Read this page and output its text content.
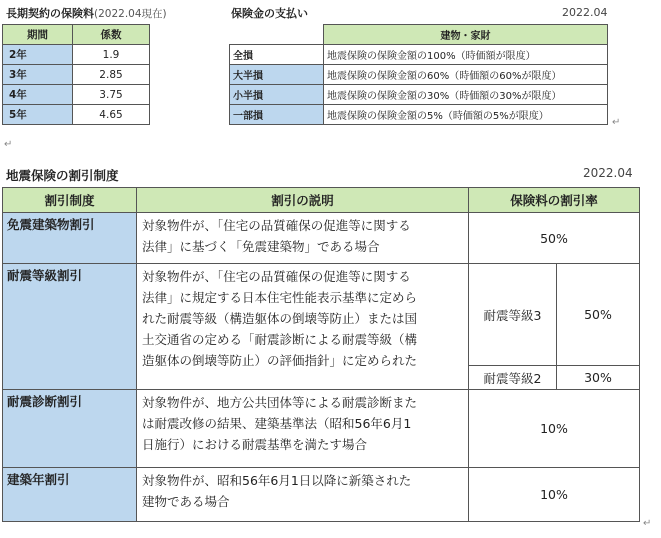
長期契約の保険料(2022.04現在)
期間	係数
2年	1.9
3年	2.85
4年	3.75
5年	4.65
保険金の支払い	2022.04
	建物・家財
全損	地震保険の保険金額の100%（時価額が限度）
大半損	地震保険の保険金額の60%（時価額の60%が限度）
小半損	地震保険の保険金額の30%（時価額の30%が限度）
一部損	地震保険の保険金額の5%（時価額の5%が限度）
↵
↵
地震保険の割引制度	2022.04
割引制度	割引の説明	保険料の割引率	
免震建築物割引	対象物件が、「住宅の品質確保の促進等に関する
法律」に基づく「免震建築物」である場合	50%	
耐震等級割引	対象物件が、「住宅の品質確保の促進等に関する
法律」に規定する日本住宅性能表示基準に定めら
れた耐震等級（構造躯体の倒壊等防止）または国
土交通省の定める「耐震診断による耐震等級（構
造躯体の倒壊等防止）の評価指針」に定められた	耐震等級3	50%
		耐震等級2	30%
耐震診断割引	対象物件が、地方公共団体等による耐震診断また
は耐震改修の結果、建築基準法（昭和56年6月1
日施行）における耐震基準を満たす場合	10%	
建築年割引	対象物件が、昭和56年6月1日以降に新築された
建物である場合	10%	
↵
